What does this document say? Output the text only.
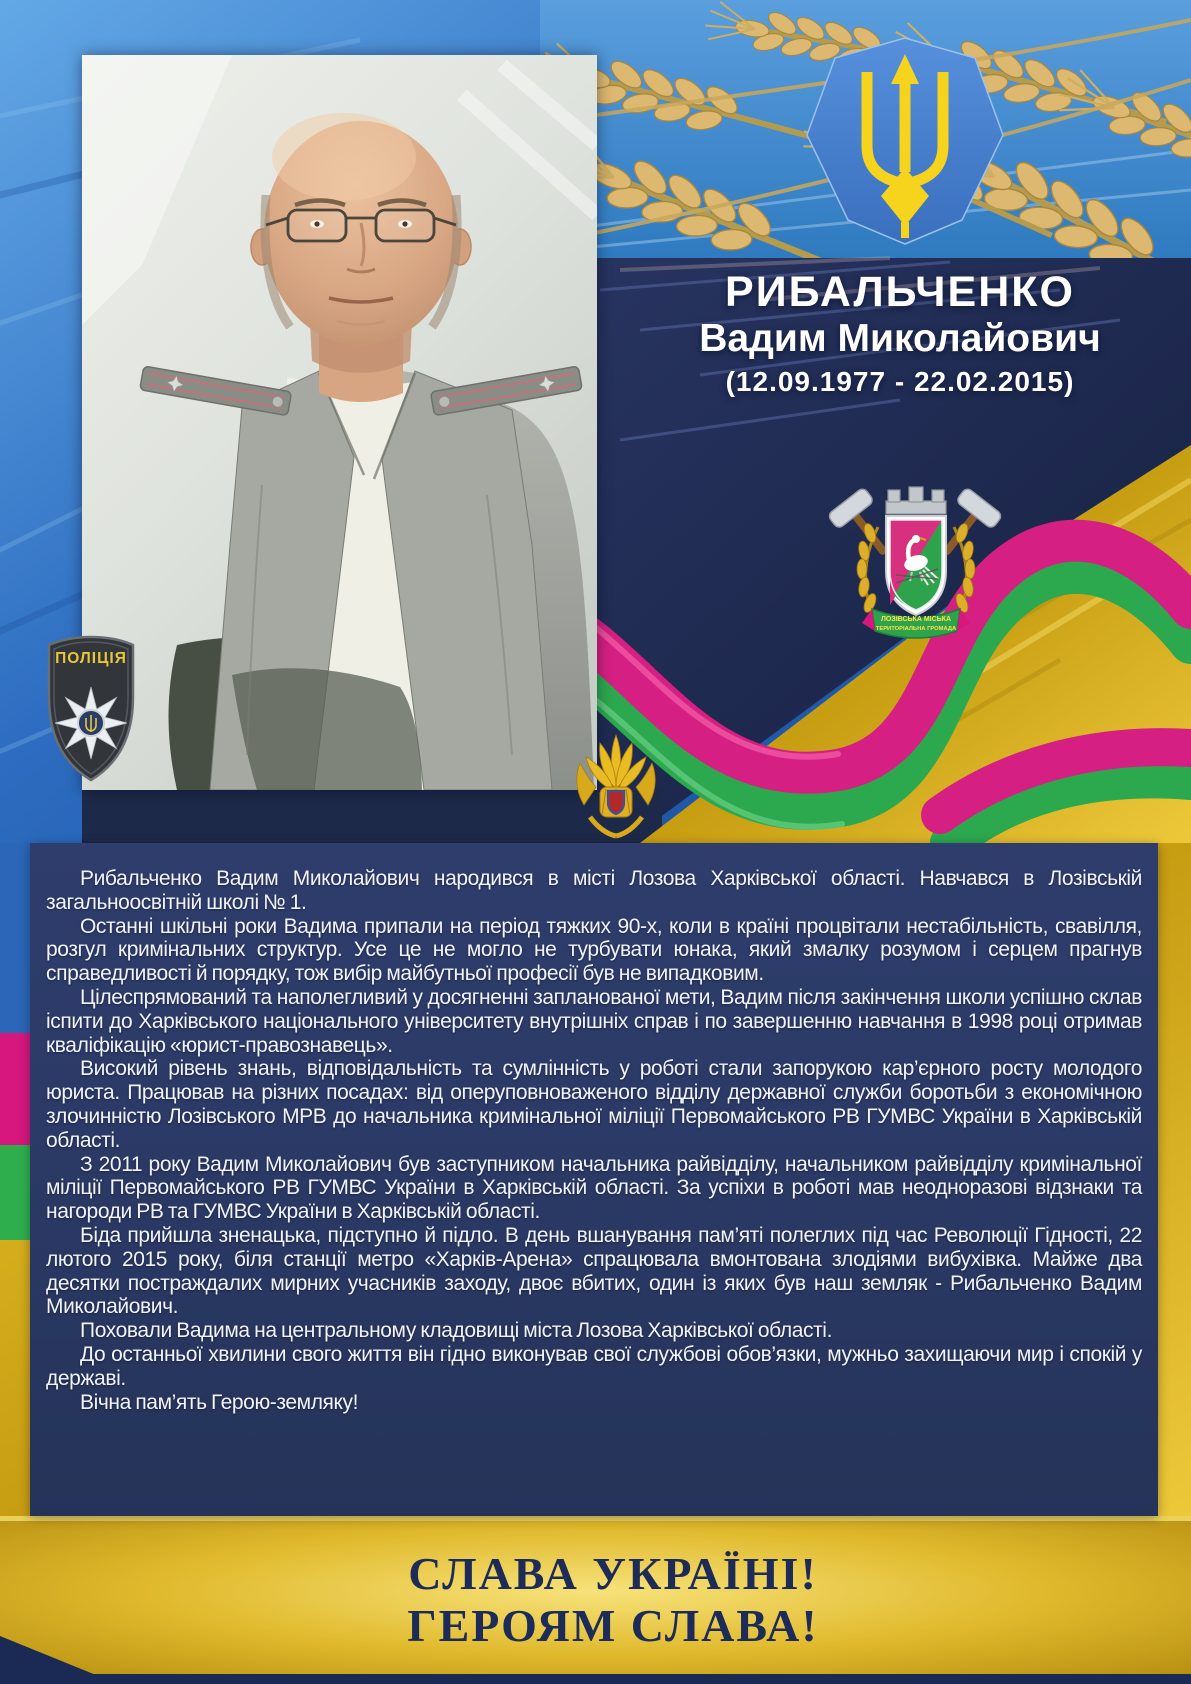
ЛОЗІВСЬКА МІСЬКА
ТЕРИТОРІАЛЬНА ГРОМАДА
ПОЛІЦІЯ
РИБАЛЬЧЕНКО
Вадим Миколайович
(12.09.1977 - 22.02.2015)

Рибальченко Вадим Миколайович народився в місті Лозова Харківської області. Навчався в Лозівській загальноосвітній школі № 1.

Останні шкільні роки Вадима припали на період тяжких 90-х, коли в країні процвітали нестабільність, свавілля, розгул кримінальних структур. Усе це не могло не турбувати юнака, який змалку розумом і серцем прагнув справедливості й порядку, тож вибір майбутньої професії був не випадковим.

Цілеспрямований та наполегливий у досягненні запланованої мети, Вадим після закінчення школи успішно склав іспити до Харківського національного університету внутрішніх справ і по завершенню навчання в 1998 році отримав кваліфікацію «юрист-правознавець».

Високий рівень знань, відповідальність та сумлінність у роботі стали запорукою кар’єрного росту молодого юриста. Працював на різних посадах: від оперуповноваженого відділу державної служби боротьби з економічною злочинністю Лозівського МРВ до начальника кримінальної міліції Первомайського РВ ГУМВС України в Харківській області.

З 2011 року Вадим Миколайович був заступником начальника райвідділу, начальником райвідділу кримінальної міліції Первомайського РВ ГУМВС України в Харківській області. За успіхи в роботі мав неодноразові відзнаки та нагороди РВ та ГУМВС України в Харківській області.

Біда прийшла зненацька, підступно й підло. В день вшанування пам’яті полеглих під час Революції Гідності, 22 лютого 2015 року, біля станції метро «Харків-Арена» спрацювала вмонтована злодіями вибухівка. Майже два десятки постраждалих мирних учасників заходу, двоє вбитих, один із яких був наш земляк - Рибальченко Вадим Миколайович.

Поховали Вадима на центральному кладовищі міста Лозова Харківської області.

До останньої хвилини свого життя він гідно виконував свої службові обов’язки, мужньо захищаючи мир і спокій у державі.

Вічна пам’ять Герою-земляку!

СЛАВА УКРАЇНІ!
ГЕРОЯМ СЛАВА!
